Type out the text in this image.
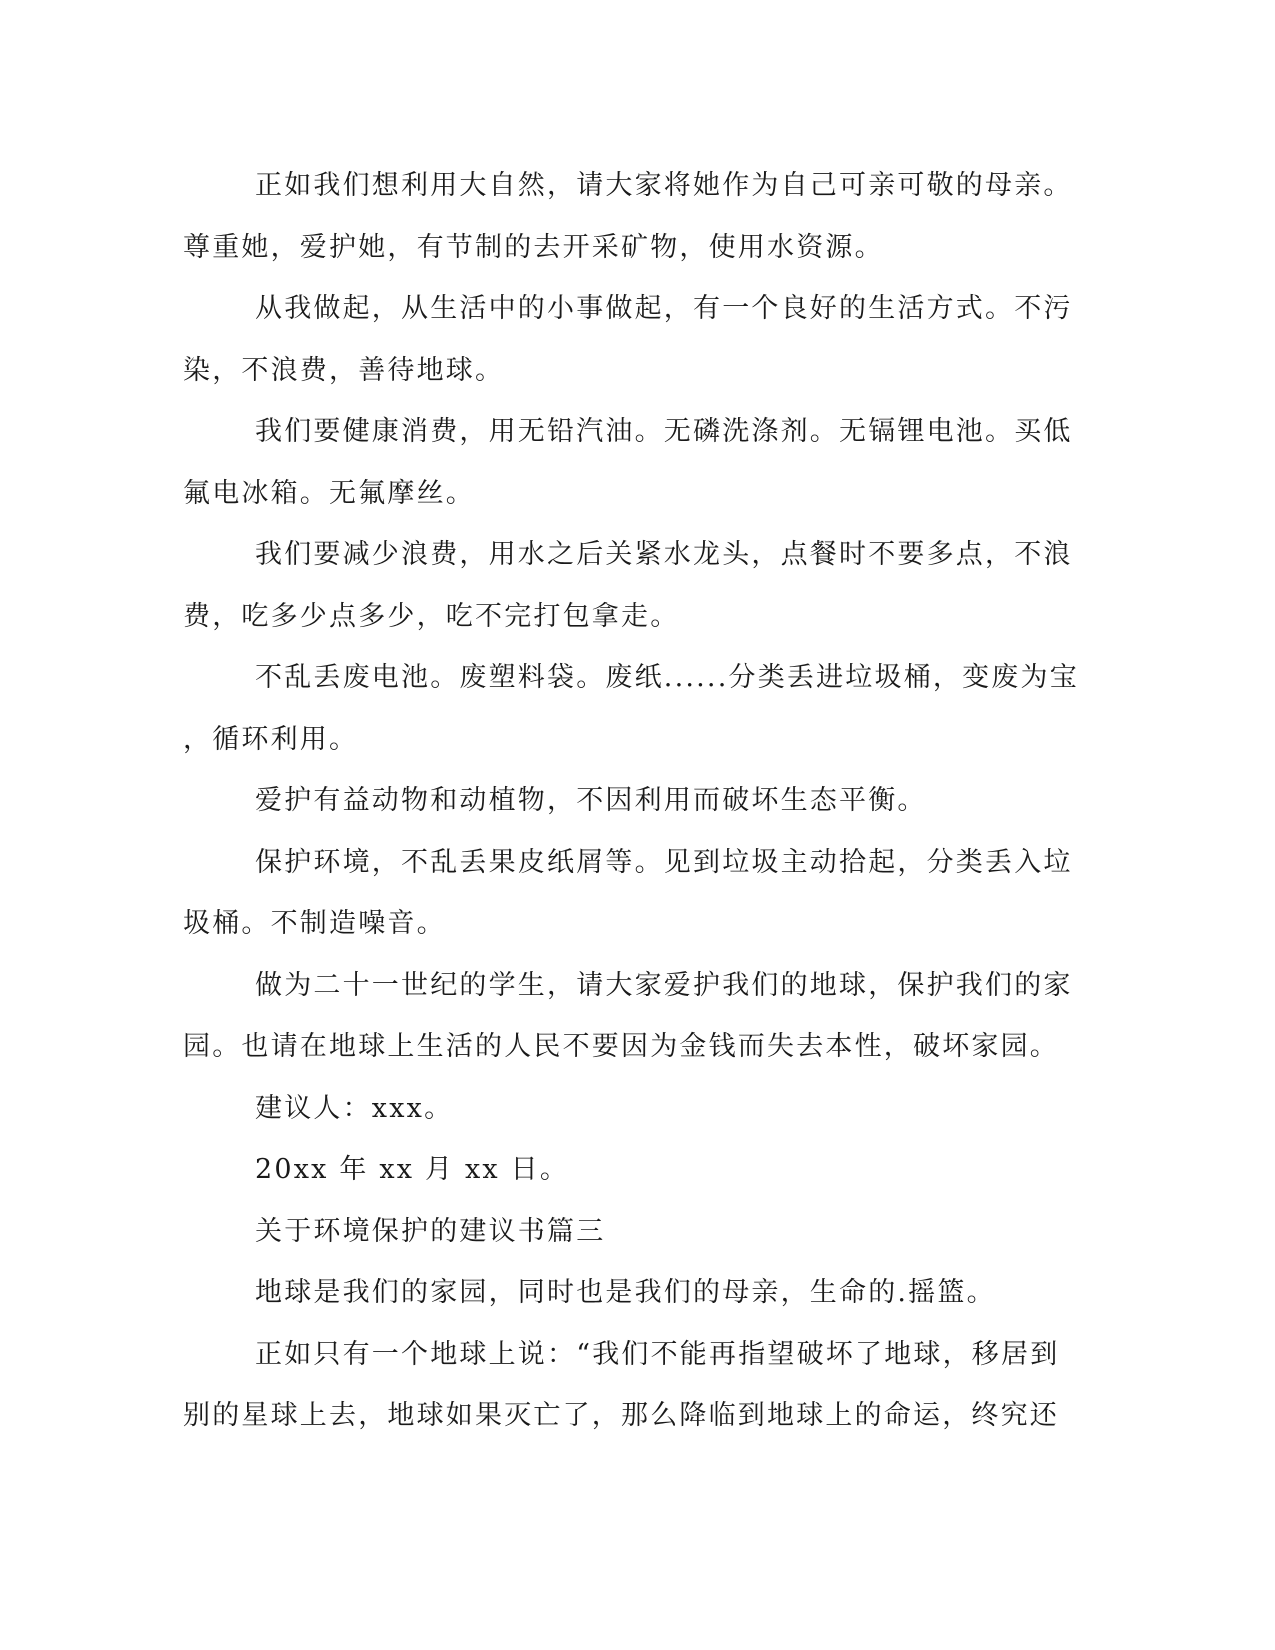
正如我们想利用大自然，请大家将她作为自己可亲可敬的母亲。
尊重她，爱护她，有节制的去开采矿物，使用水资源。

从我做起，从生活中的小事做起，有一个良好的生活方式。不污
染，不浪费，善待地球。

我们要健康消费，用无铅汽油。无磷洗涤剂。无镉锂电池。买低
氟电冰箱。无氟摩丝。

我们要减少浪费，用水之后关紧水龙头，点餐时不要多点，不浪
费，吃多少点多少，吃不完打包拿走。

不乱丢废电池。废塑料袋。废纸......分类丢进垃圾桶，变废为宝
，循环利用。

爱护有益动物和动植物，不因利用而破坏生态平衡。

保护环境，不乱丢果皮纸屑等。见到垃圾主动拾起，分类丢入垃
圾桶。不制造噪音。

做为二十一世纪的学生，请大家爱护我们的地球，保护我们的家
园。也请在地球上生活的人民不要因为金钱而失去本性，破坏家园。

建议人：xxx。

20xx 年 xx 月 xx 日。

关于环境保护的建议书篇三

地球是我们的家园，同时也是我们的母亲，生命的.摇篮。

正如只有一个地球上说：“我们不能再指望破坏了地球，移居到
别的星球上去，地球如果灭亡了，那么降临到地球上的命运，终究还
